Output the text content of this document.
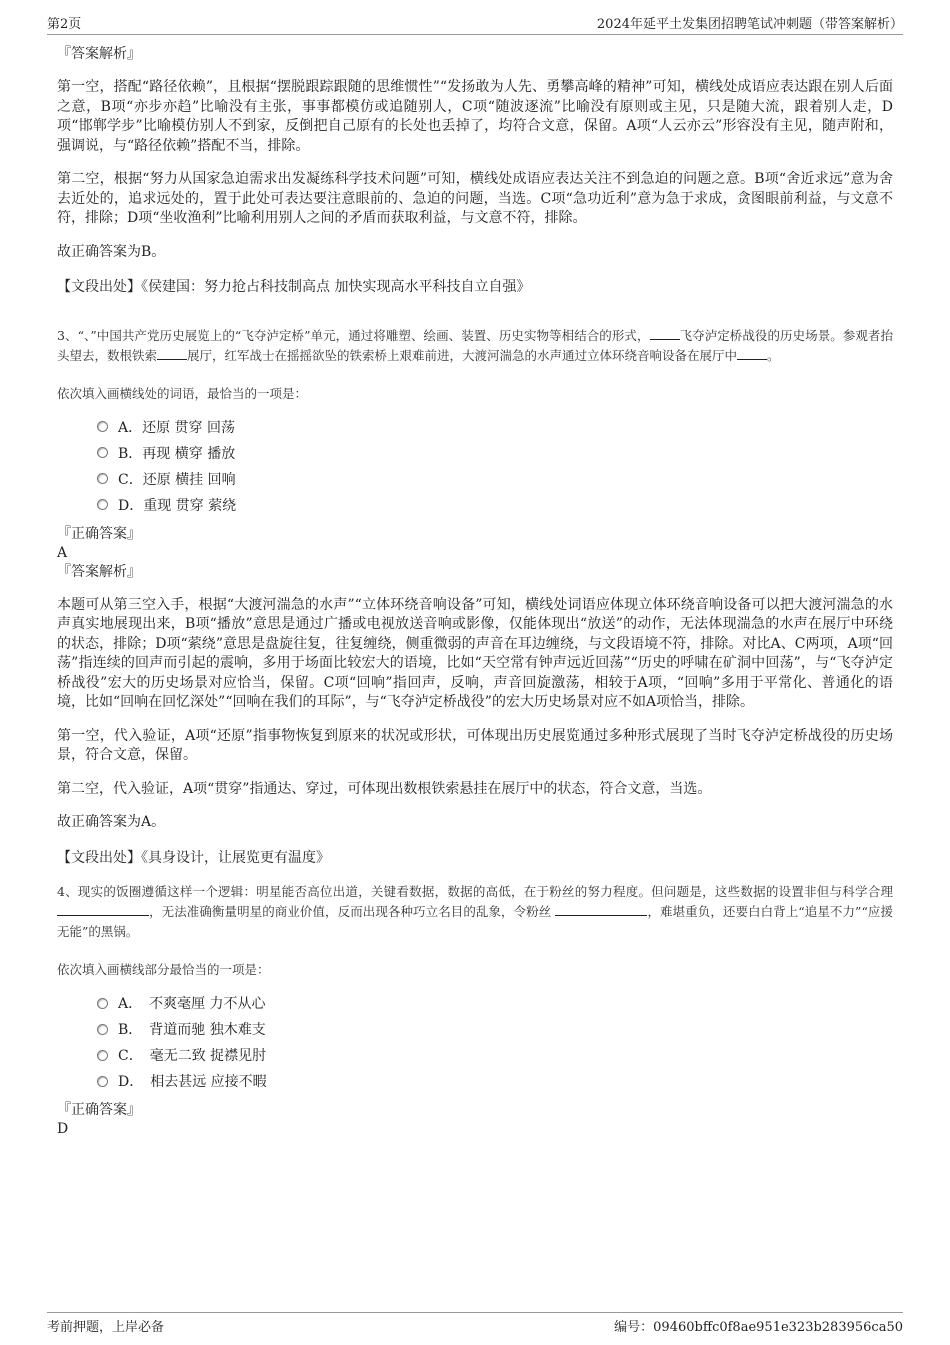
第2页	2024年延平土发集团招聘笔试冲刺题（带答案解析）

『答案解析』

第一空，搭配“路径依赖”，且根据“摆脱跟踪跟随的思维惯性”“发扬敢为人先、勇攀高峰的精神”可知，横线处成语应表达跟在别人后面之意，B项“亦步亦趋”比喻没有主张，事事都模仿或追随别人，C项“随波逐流”比喻没有原则或主见，只是随大流，跟着别人走，D项“邯郸学步”比喻模仿别人不到家，反倒把自己原有的长处也丢掉了，均符合文意，保留。A项“人云亦云”形容没有主见，随声附和，强调说，与“路径依赖”搭配不当，排除。

第二空，根据“努力从国家急迫需求出发凝练科学技术问题”可知，横线处成语应表达关注不到急迫的问题之意。B项“舍近求远”意为舍去近处的，追求远处的，置于此处可表达要注意眼前的、急迫的问题，当选。C项“急功近利”意为急于求成，贪图眼前利益，与文意不符，排除；D项“坐收渔利”比喻利用别人之间的矛盾而获取利益，与文意不符，排除。

故正确答案为B。

【文段出处】《侯建国：努力抢占科技制高点 加快实现高水平科技自立自强》

3、“、”中国共产党历史展览上的“飞夺泸定桥”单元，通过将雕塑、绘画、装置、历史实物等相结合的形式， 飞夺泸定桥战役的历史场景。参观者抬头望去，数根铁索 展厅，红军战士在摇摇欲坠的铁索桥上艰难前进，大渡河湍急的水声通过立体环绕音响设备在展厅中 。

依次填入画横线处的词语，最恰当的一项是：

A．还原 贯穿 回荡
B．再现 横穿 播放
C．还原 横挂 回响
D．重现 贯穿 萦绕

『正确答案』

A

『答案解析』

本题可从第三空入手，根据“大渡河湍急的水声”“立体环绕音响设备”可知，横线处词语应体现立体环绕音响设备可以把大渡河湍急的水声真实地展现出来，B项“播放”意思是通过广播或电视放送音响或影像，仅能体现出“放送”的动作，无法体现湍急的水声在展厅中环绕的状态，排除；D项“萦绕”意思是盘旋往复，往复缠绕，侧重微弱的声音在耳边缠绕，与文段语境不符，排除。对比A、C两项，A项“回荡”指连续的回声而引起的震响，多用于场面比较宏大的语境，比如“天空常有钟声远近回荡”“历史的呼啸在矿洞中回荡”，与“飞夺泸定桥战役”宏大的历史场景对应恰当，保留。C项“回响”指回声，反响，声音回旋激荡，相较于A项，“回响”多用于平常化、普通化的语境，比如“回响在回忆深处”“回响在我们的耳际”，与“飞夺泸定桥战役”的宏大历史场景对应不如A项恰当，排除。

第一空，代入验证，A项“还原”指事物恢复到原来的状况或形状，可体现出历史展览通过多种形式展现了当时飞夺泸定桥战役的历史场景，符合文意，保留。

第二空，代入验证，A项“贯穿”指通达、穿过，可体现出数根铁索悬挂在展厅中的状态，符合文意，当选。

故正确答案为A。

【文段出处】《具身设计，让展览更有温度》

4、现实的饭圈遵循这样一个逻辑：明星能否高位出道，关键看数据，数据的高低，在于粉丝的努力程度。但问题是，这些数据的设置非但与科学合理 ，无法准确衡量明星的商业价值，反而出现各种巧立名目的乱象，令粉丝	，难堪重负，还要白白背上“追星不力”“应援无能”的黑锅。

依次填入画横线部分最恰当的一项是：

A．　不爽毫厘 力不从心
B．　背道而驰 独木难支
C．　毫无二致 捉襟见肘
D．　相去甚远 应接不暇

『正确答案』

D

考前押题，上岸必备	编号：09460bffc0f8ae951e323b283956ca50
